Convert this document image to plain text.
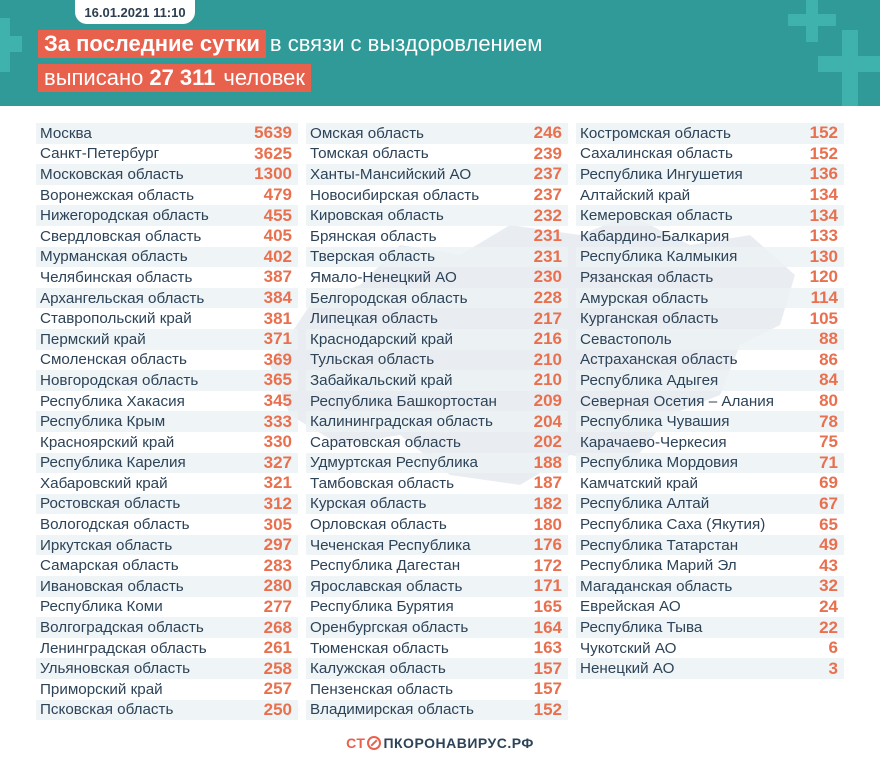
16.01.2021 11:10
За последние сутки в связи с выздоровлением
выписано 27 311 человек
Москва	5639
Санкт-Петербург	3625
Московская область	1300
Воронежская область	479
Нижегородская область	455
Свердловская область	405
Мурманская область	402
Челябинская область	387
Архангельская область	384
Ставропольский край	381
Пермский край	371
Смоленская область	369
Новгородская область	365
Республика Хакасия	345
Республика Крым	333
Красноярский край	330
Республика Карелия	327
Хабаровский край	321
Ростовская область	312
Вологодская область	305
Иркутская область	297
Самарская область	283
Ивановская область	280
Республика Коми	277
Волгоградская область	268
Ленинградская область	261
Ульяновская область	258
Приморский край	257
Псковская область	250
Омская область	246
Томская область	239
Ханты-Мансийский АО	237
Новосибирская область	237
Кировская область	232
Брянская область	231
Тверская область	231
Ямало-Ненецкий АО	230
Белгородская область	228
Липецкая область	217
Краснодарский край	216
Тульская область	210
Забайкальский край	210
Республика Башкортостан 209
Калининградская область 204
Саратовская область	202
Удмуртская Республика	188
Тамбовская область	187
Курская область	182
Орловская область	180
Чеченская Республика	176
Республика Дагестан	172
Ярославская область	171
Республика Бурятия	165
Оренбургская область	164
Тюменская область	163
Калужская область	157
Пензенская область	157
Владимирская область	152
Костромская область	152
Сахалинская область	152
Республика Ингушетия	136
Алтайский край	134
Кемеровская область	134
Кабардино-Балкария	133
Республика Калмыкия	130
Рязанская область	120
Амурская область	114
Курганская область	105
Севастополь	88
Астраханская область	86
Республика Адыгея	84
Северная Осетия – Алания	80
Республика Чувашия	78
Карачаево-Черкесия	75
Республика Мордовия	71
Камчатский край	69
Республика Алтай	67
Республика Саха (Якутия)	65
Республика Татарстан	49
Республика Марий Эл	43
Магаданская область	32
Еврейская АО	24
Республика Тыва	22
Чукотский АО	6
Ненецкий АО	3
СТ ПКОРОНАВИРУС.РФ
